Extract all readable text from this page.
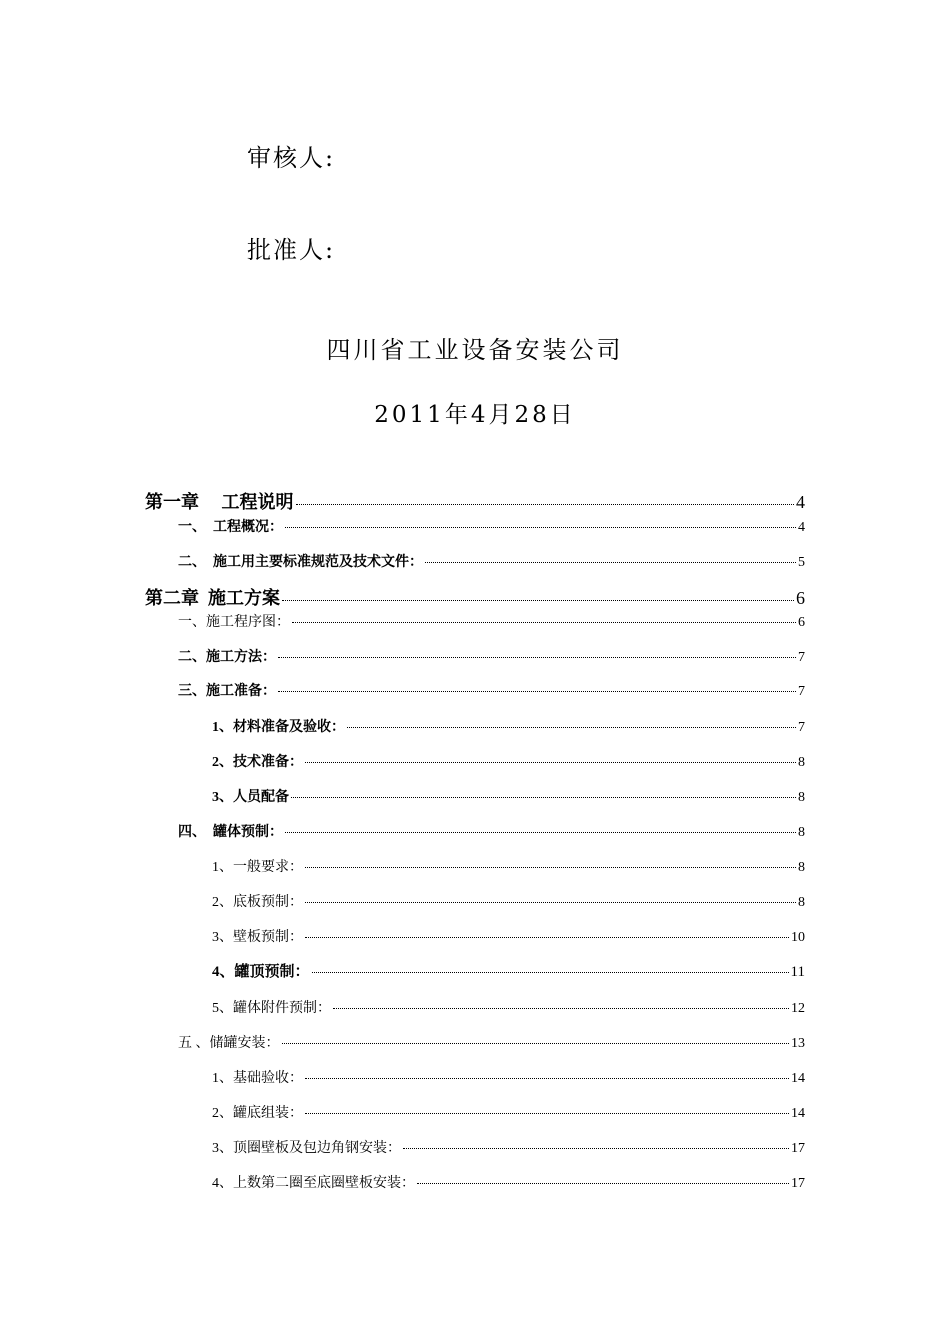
审核人:
批准人:
四川省工业设备安装公司
2011年4月28日
第一章　 工程说明	4
一、　工程概况：	4
二、　施工用主要标准规范及技术文件：	5
第二章  施工方案	6
一、施工程序图：	6
二、施工方法：	7
三、施工准备：	7
1、材料准备及验收：	7
2、技术准备：	8
3、人员配备	8
四、　罐体预制：	8
1、一般要求：	8
2、底板预制：	8
3、壁板预制：	10
4、罐顶预制：	11
5、罐体附件预制：	12
五 、储罐安装：	13
1、基础验收：	14
2、罐底组装：	14
3、顶圈壁板及包边角钢安装：	17
4、上数第二圈至底圈壁板安装：	17
